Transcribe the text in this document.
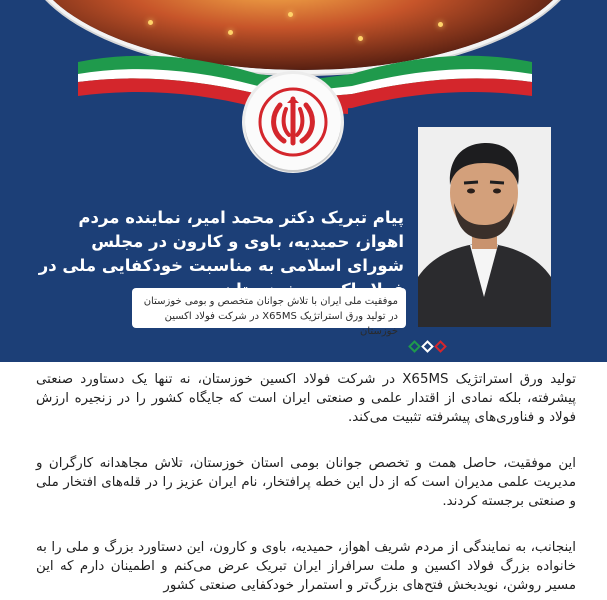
پیام تبریک دکتر محمد امیر، نماینده مردم اهواز، حمیدیه، باوی و کارون در مجلس شورای اسلامی به مناسبت خودکفایی ملی در
موفقیت ملی ایران با تلاش جوانان متخصص و بومی خوزستان در تولید ورق استراتژیک X65MS در شرکت فولاد اکسین خوزستان
تولید ورق استراتژیک X65MS در شرکت فولاد اکسین خوزستان، نه تنها یک دستاورد صنعتی پیشرفته، بلکه نمادی از اقتدار علمی و صنعتی ایران است که جایگاه کشور را در زنجیره ارزش فولاد و فناوری‌های پیشرفته تثبیت می‌کند.
این موفقیت، حاصل همت و تخصص جوانان بومی استان خوزستان، تلاش مجاهدانه کارگران و مدیریت علمی مدیران است که از دل این خطه پرافتخار، نام ایران عزیز را در قله‌های افتخار ملی و صنعتی برجسته کردند.
اینجانب، به نمایندگی از مردم شریف اهواز، حمیدیه، باوی و کارون، این دستاورد بزرگ و ملی را به خانواده بزرگ فولاد اکسین و ملت سرافراز ایران تبریک عرض می‌کنم و اطمینان دارم که این مسیر روشن، نویدبخش فتح‌های بزرگ‌تر و استمرار خودکفایی صنعتی کشور
